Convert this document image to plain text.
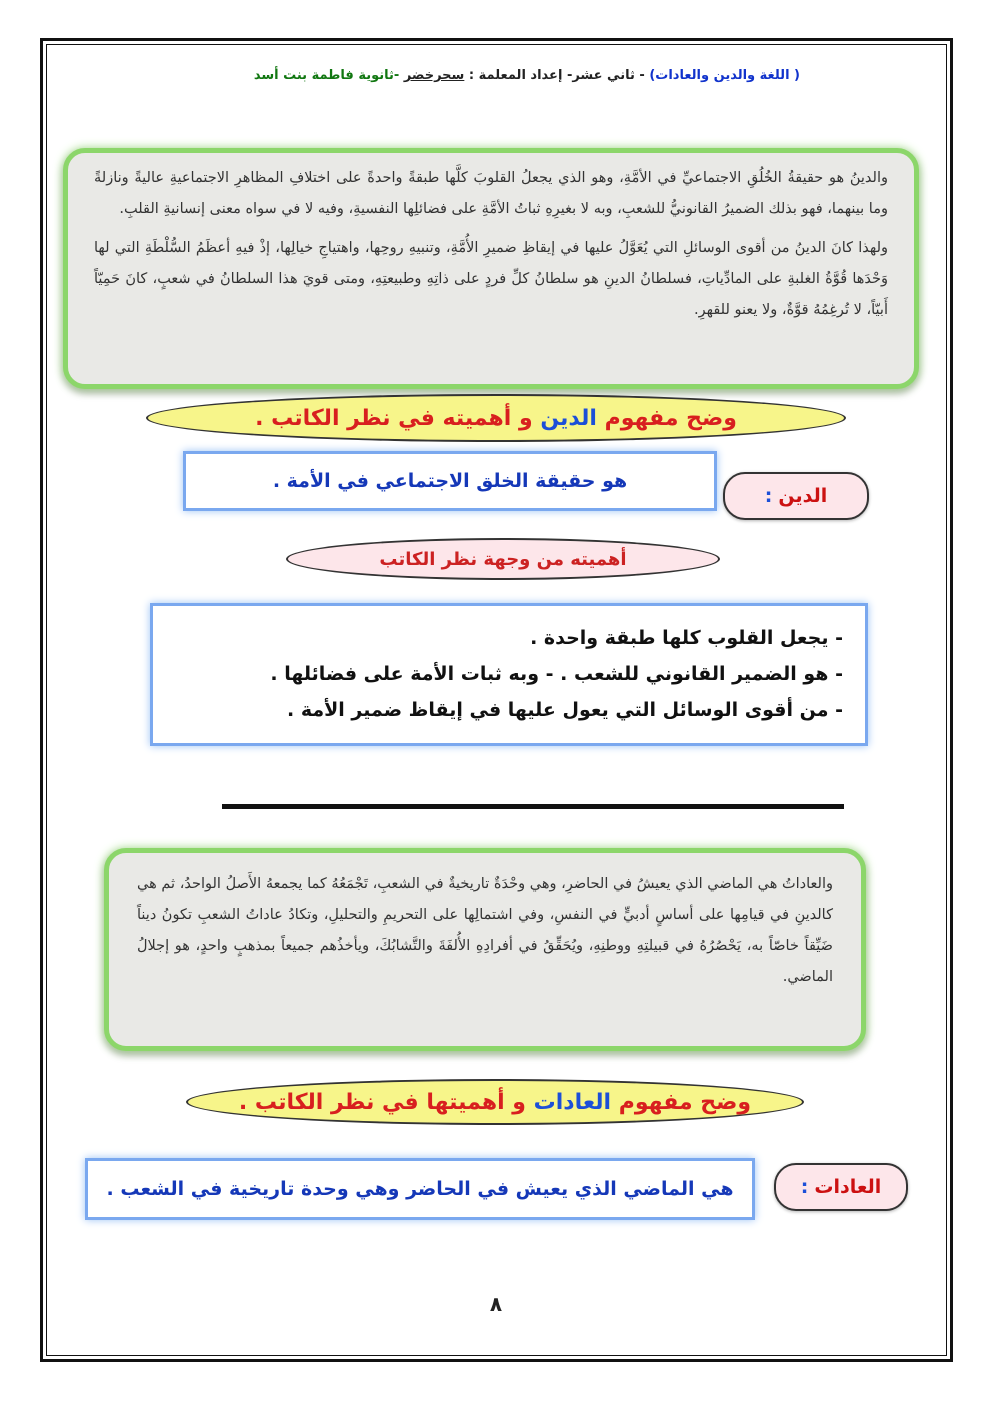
( اللغة والدين والعادات) - ثاني عشر- إعداد المعلمة : سحرخضر -ثانوية فاطمة بنت أسد

والدينُ هو حقيقةُ الخُلُقِ الاجتماعيِّ في الأمَّةِ، وهو الذي يجعلُ القلوبَ كلَّها طبقةً واحدةً على اختلافِ المظاهرِ الاجتماعيةِ عاليةً ونازلةً وما بينهما، فهو بذلك الضميرُ القانونيُّ للشعبِ، وبه لا بغيرِهِ ثباتُ الأمَّةِ على فضائلِها النفسيةِ، وفيه لا في سواه معنى إنسانيةِ القلبِ.

ولهذا كانَ الدينُ من أقوى الوسائلِ التي يُعَوَّلُ عليها في إيقاظِ ضميرِ الأُمَّةِ، وتنبيهِ روحِها، واهتياجِ خيالِها، إذْ فيهِ أعظَمُ السُّلْطَةِ التي لها وَحْدَها قُوَّةُ الغلبةِ على المادِّياتِ، فسلطانُ الدينِ هو سلطانُ كلِّ فردٍ على ذاتِهِ وطبيعتِهِ، ومتى قويَ هذا السلطانُ في شعبٍ، كانَ حَمِيّاً أَبيّاً، لا تُرغِمُهُ قوَّةٌ، ولا يعنو للقهرِ.

وضح مفهوم

الدين

و أهميته في نظر الكاتب .
هو حقيقة الخلق الاجتماعي في الأمة .
الدين
:
أهميته من وجهة نظر الكاتب
- يجعل القلوب كلها طبقة واحدة .
- هو الضمير القانوني للشعب . - وبه ثبات الأمة على فضائلها .
- من أقوى الوسائل التي يعول عليها في إيقاظ ضمير الأمة .

والعاداتُ هي الماضي الذي يعيشُ في الحاضرِ، وهي وحْدَةٌ تاريخيةٌ في الشعبِ، تَجْمَعُهُ كما يجمعهُ الأَصلُ الواحدُ، ثم هي كالدينِ في قيامِها على أساسٍ أدبيٍّ في النفسِ، وفي اشتمالِها على التحريمِ والتحليلِ، وتكادُ عاداتُ الشعبِ تكونُ ديناً ضَيِّقاً خاصّاً به، يَحْصُرُهُ في قبيلتِهِ ووطنِهِ، ويُحَقِّقُ في أفرادِهِ الأُلفَةَ والتَّشابُكَ، ويأخذُهم جميعاً بمذهبٍ واحدٍ، هو إجلالُ الماضي.

وضح مفهوم

العادات

و أهميتها في نظر الكاتب .
هي الماضي الذي يعيش في الحاضر وهي وحدة تاريخية في الشعب .	العادات
:
٨
